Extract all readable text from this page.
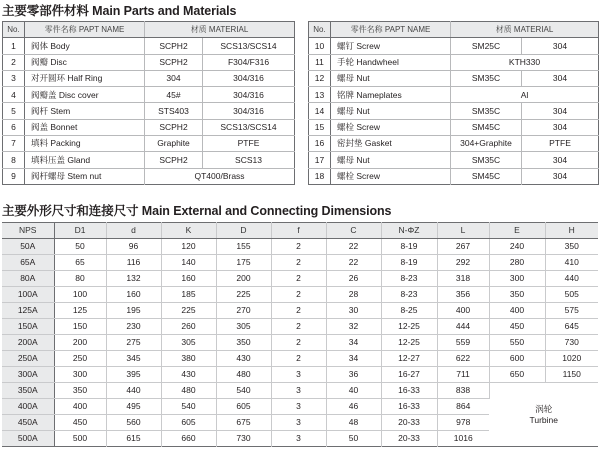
主要零部件材料 Main Parts and Materials
No.	零件名称 PAPT NAME	材质 MATERIAL	
1	阀体 Body	SCPH2	SCS13/SCS14
2	阀瓣 Disc	SCPH2	F304/F316
3	对开圆环 Half Ring	304	304/316
4	阀瓣盖 Disc cover	45#	304/316
5	阀杆 Stem	STS403	304/316
6	阀盖 Bonnet	SCPH2	SCS13/SCS14
7	填料 Packing	Graphite	PTFE
8	填料压盖 Gland	SCPH2	SCS13
9	阀杆螺母 Stem nut	QT400/Brass	
No.	零件名称 PAPT NAME	材质 MATERIAL	
10	螺钉 Screw	SM25C	304
11	手轮 Handwheel	KTH330	
12	螺母 Nut	SM35C	304
13	铭牌 Nameplates	Al	
14	螺母 Nut	SM35C	304
15	螺栓 Screw	SM45C	304
16	密封垫 Gasket	304+Graphite	PTFE
17	螺母 Nut	SM35C	304
18	螺栓 Screw	SM45C	304
主要外形尺寸和连接尺寸 Main External and Connecting Dimensions
NPS	D1	d	K	D	f	C	N-ΦZ	L	E	H
50A	50	96	120	155	2	22	8-19	267	240	350
65A	65	116	140	175	2	22	8-19	292	280	410
80A	80	132	160	200	2	26	8-23	318	300	440
100A	100	160	185	225	2	28	8-23	356	350	505
125A	125	195	225	270	2	30	8-25	400	400	575
150A	150	230	260	305	2	32	12-25	444	450	645
200A	200	275	305	350	2	34	12-25	559	550	730
250A	250	345	380	430	2	34	12-27	622	600	1020
300A	300	395	430	480	3	36	16-27	711	650	1150
350A	350	440	480	540	3	40	16-33	838	涡轮
Turbine	

400A	400	495	540	605	3	46	16-33	864		
450A	450	560	605	675	3	48	20-33	978		
500A	500	615	660	730	3	50	20-33	1016		
